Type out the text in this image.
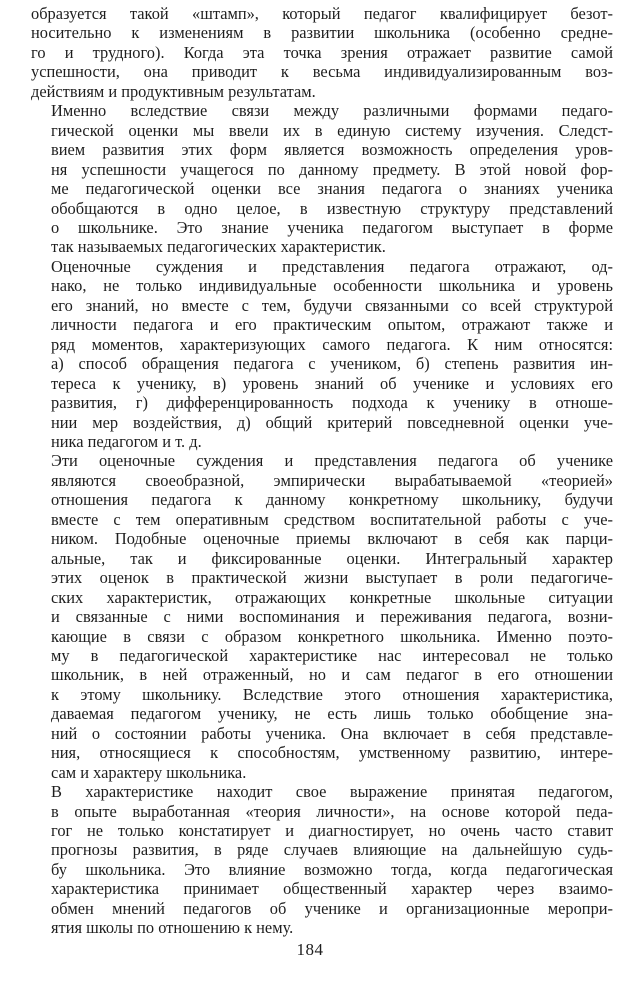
образуется такой «штамп», который педагог квалифицирует безот-
носительно к изменениям в развитии школьника (особенно средне-
го и трудного). Когда эта точка зрения отражает развитие самой
успешности, она приводит к весьма индивидуализированным воз-
действиям и продуктивным результатам.
Именно вследствие связи между различными формами педаго-
гической оценки мы ввели их в единую систему изучения. Следст-
вием развития этих форм является возможность определения уров-
ня успешности учащегося по данному предмету. В этой новой фор-
ме педагогической оценки все знания педагога о знаниях ученика
обобщаются в одно целое, в известную структуру представлений
о школьнике. Это знание ученика педагогом выступает в форме
так называемых педагогических характеристик.
Оценочные суждения и представления педагога отражают, од-
нако, не только индивидуальные особенности школьника и уровень
его знаний, но вместе с тем, будучи связанными со всей структурой
личности педагога и его практическим опытом, отражают также и
ряд моментов, характеризующих самого педагога. К ним относятся:
а) способ обращения педагога с учеником, б) степень развития ин-
тереса к ученику, в) уровень знаний об ученике и условиях его
развития, г) дифференцированность подхода к ученику в отноше-
нии мер воздействия, д) общий критерий повседневной оценки уче-
ника педагогом и т. д.
Эти оценочные суждения и представления педагога об ученике
являются своеобразной, эмпирически вырабатываемой «теорией»
отношения педагога к данному конкретному школьнику, будучи
вместе с тем оперативным средством воспитательной работы с уче-
ником. Подобные оценочные приемы включают в себя как парци-
альные, так и фиксированные оценки. Интегральный характер
этих оценок в практической жизни выступает в роли педагогиче-
ских характеристик, отражающих конкретные школьные ситуации
и связанные с ними воспоминания и переживания педагога, возни-
кающие в связи с образом конкретного школьника. Именно поэто-
му в педагогической характеристике нас интересовал не только
школьник, в ней отраженный, но и сам педагог в его отношении
к этому школьнику. Вследствие этого отношения характеристика,
даваемая педагогом ученику, не есть лишь только обобщение зна-
ний о состоянии работы ученика. Она включает в себя представле-
ния, относящиеся к способностям, умственному развитию, интере-
сам и характеру школьника.
В характеристике находит свое выражение принятая педагогом,
в опыте выработанная «теория личности», на основе которой педа-
гог не только констатирует и диагностирует, но очень часто ставит
прогнозы развития, в ряде случаев влияющие на дальнейшую судь-
бу школьника. Это влияние возможно тогда, когда педагогическая
характеристика принимает общественный характер через взаимо-
обмен мнений педагогов об ученике и организационные меропри-
ятия школы по отношению к нему.
184
